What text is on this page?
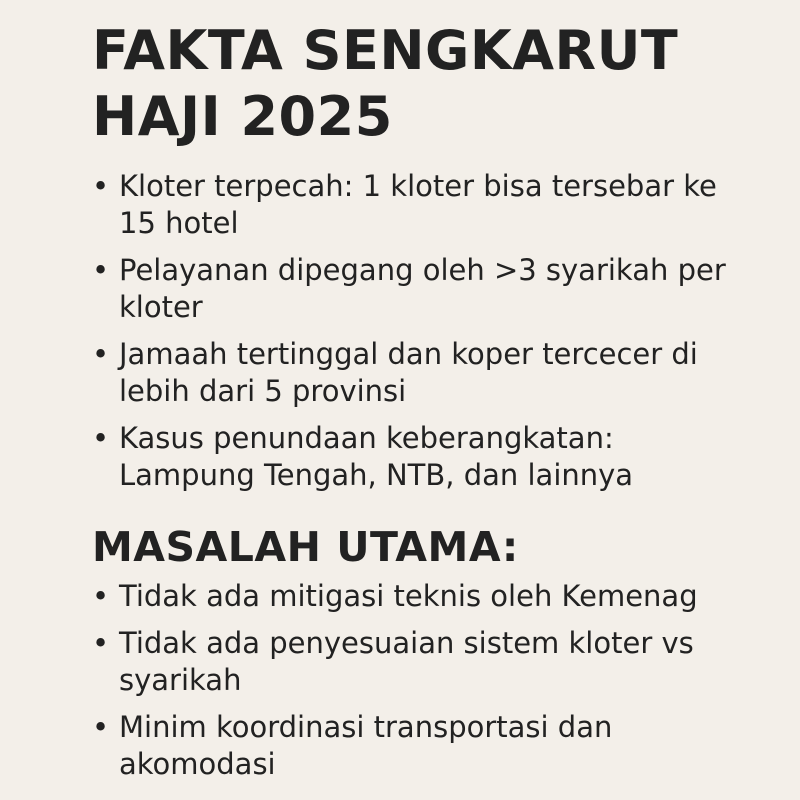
FAKTA SENGKARUT
HAJI 2025
• Kloter terpecah: 1 kloter bisa tersebar ke 15 hotel
• Pelayanan dipegang oleh >3 syarikah per kloter
• Jamaah tertinggal dan koper tercecer di lebih dari 5 provinsi
• Kasus penundaan keberangkatan: Lampung Tengah, NTB, dan lainnya
MASALAH UTAMA:
• Tidak ada mitigasi teknis oleh Kemenag
• Tidak ada penyesuaian sistem kloter vs syarikah
• Minim koordinasi transportasi dan akomodasi
